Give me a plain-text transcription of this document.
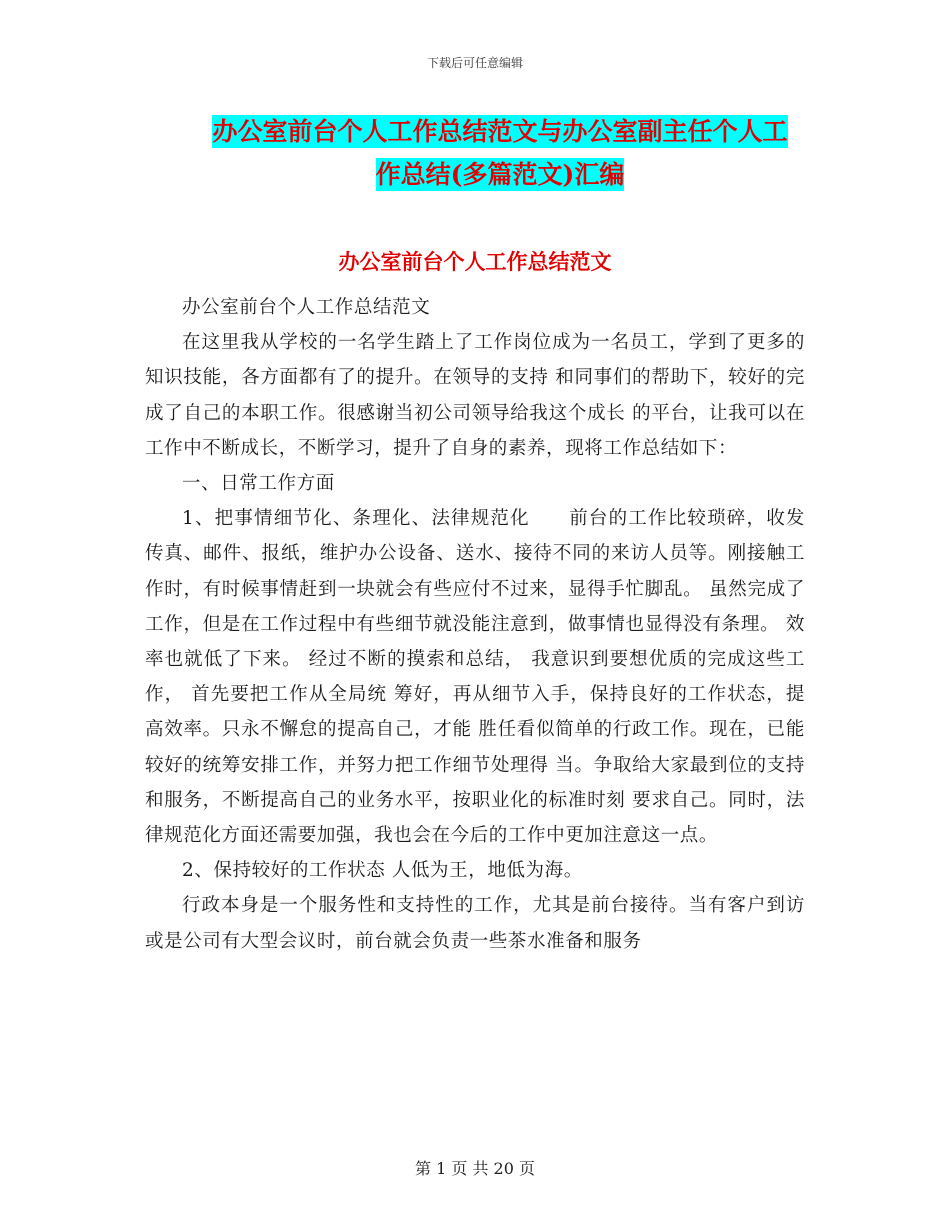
下载后可任意编辑
办公室前台个人工作总结范文与办公室副主任个人工
作总结(多篇范文)汇编
办公室前台个人工作总结范文

办公室前台个人工作总结范文

在这里我从学校的一名学生踏上了工作岗位成为一名员工，学到了更多的知识技能，各方面都有了的提升。在领导的支持 和同事们的帮助下，较好的完成了自己的本职工作。很感谢当初公司领导给我这个成长 的平台，让我可以在工作中不断成长，不断学习，提升了自身的素养，现将工作总结如下：

一、日常工作方面

1、把事情细节化、条理化、法律规范化　　前台的工作比较琐碎，收发传真、邮件、报纸，维护办公设备、送水、接待不同的来访人员等。刚接触工作时，有时候事情赶到一块就会有些应付不过来，显得手忙脚乱。 虽然完成了工作，但是在工作过程中有些细节就没能注意到，做事情也显得没有条理。 效率也就低了下来。 经过不断的摸索和总结， 我意识到要想优质的完成这些工作， 首先要把工作从全局统 筹好，再从细节入手，保持良好的工作状态，提高效率。只永不懈怠的提高自己，才能 胜任看似简单的行政工作。现在，已能较好的统筹安排工作，并努力把工作细节处理得 当。争取给大家最到位的支持和服务，不断提高自己的业务水平，按职业化的标准时刻 要求自己。同时，法律规范化方面还需要加强，我也会在今后的工作中更加注意这一点。

2、保持较好的工作状态 人低为王，地低为海。

行政本身是一个服务性和支持性的工作，尤其是前台接待。当有客户到访或是公司有大型会议时，前台就会负责一些茶水准备和服务

第 1 页 共 20 页
